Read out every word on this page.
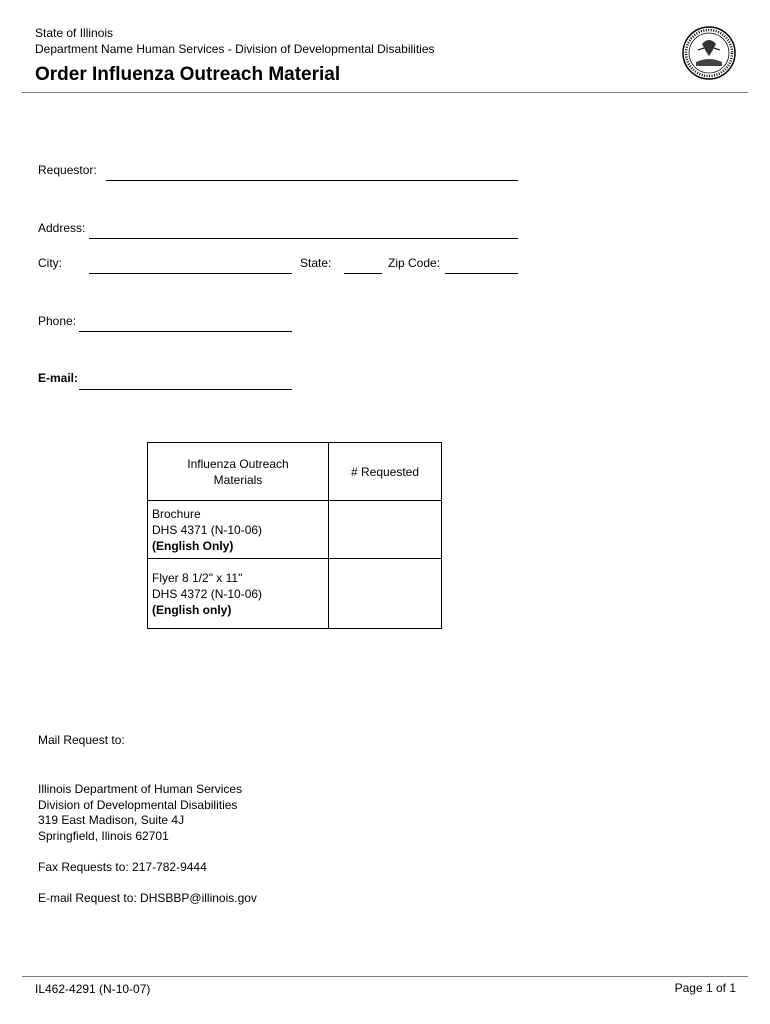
State of Illinois
Department Name Human Services - Division of Developmental Disabilities
Order Influenza Outreach Material
Requestor:
Address:
City:	State:	Zip Code:
Phone:
E-mail:
Influenza Outreach Materials	# Requested

Brochure
DHS 4371 (N-10-06)
(English Only)	

Flyer 8 1/2" x 11"
DHS 4372 (N-10-06)
(English only)	

Mail Request to:
Illinois Department of Human Services
Division of Developmental Disabilities
319 East Madison, Suite 4J
Springfield, Ilinois 62701
Fax Requests to: 217-782-9444
E-mail Request to: DHSBBP@illinois.gov
IL462-4291 (N-10-07)	Page 1 of 1
